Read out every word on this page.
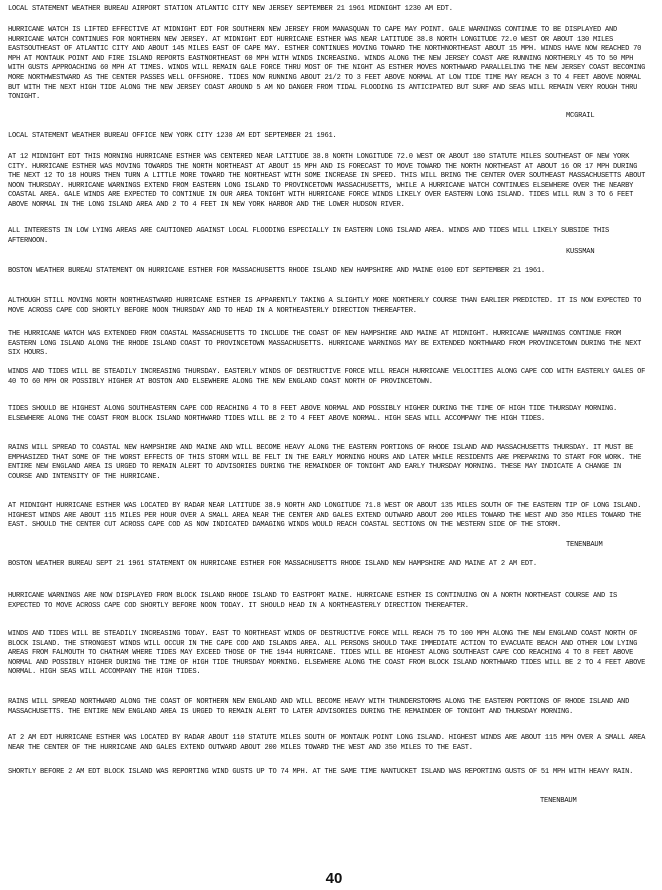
LOCAL STATEMENT WEATHER BUREAU AIRPORT STATION ATLANTIC CITY NEW JERSEY SEPTEMBER 21 1961 MIDNIGHT 1230 AM EDT.

HURRICANE WATCH IS LIFTED EFFECTIVE AT MIDNIGHT EDT FOR SOUTHERN NEW JERSEY FROM MANASQUAN TO CAPE MAY POINT. GALE WARNINGS CONTINUE TO BE DISPLAYED AND HURRICANE WATCH CONTINUES FOR NORTHERN NEW JERSEY. AT MIDNIGHT EDT HURRICANE ESTHER WAS NEAR LATITUDE 38.8 NORTH LONGITUDE 72.0 WEST OR ABOUT 130 MILES EASTSOUTHEAST OF ATLANTIC CITY AND ABOUT 145 MILES EAST OF CAPE MAY. ESTHER CONTINUES MOVING TOWARD THE NORTHNORTHEAST ABOUT 15 MPH. WINDS HAVE NOW REACHED 70 MPH AT MONTAUK POINT AND FIRE ISLAND REPORTS EASTNORTHEAST 60 MPH WITH WINDS INCREASING. WINDS ALONG THE NEW JERSEY COAST ARE RUNNING NORTHERLY 45 TO 50 MPH WITH GUSTS APPROACHING 60 MPH AT TIMES. WINDS WILL REMAIN GALE FORCE THRU MOST OF THE NIGHT AS ESTHER MOVES NORTHWARD PARALLELING THE NEW JERSEY COAST BECOMING MORE NORTHWESTWARD AS THE CENTER PASSES WELL OFFSHORE. TIDES NOW RUNNING ABOUT 21/2 TO 3 FEET ABOVE NORMAL AT LOW TIDE TIME MAY REACH 3 TO 4 FEET ABOVE NORMAL BUT WITH THE NEXT HIGH TIDE ALONG THE NEW JERSEY COAST AROUND 5 AM NO DANGER FROM TIDAL FLOODING IS ANTICIPATED BUT SURF AND SEAS WILL REMAIN VERY ROUGH THRU TONIGHT.

MCGRAIL

LOCAL STATEMENT WEATHER BUREAU OFFICE NEW YORK CITY 1230 AM EDT SEPTEMBER 21 1961.

AT 12 MIDNIGHT EDT THIS MORNING HURRICANE ESTHER WAS CENTERED NEAR LATITUDE 38.8 NORTH LONGITUDE 72.0 WEST OR ABOUT 180 STATUTE MILES SOUTHEAST OF NEW YORK CITY. HURRICANE ESTHER WAS MOVING TOWARDS THE NORTH NORTHEAST AT ABOUT 15 MPH AND IS FORECAST TO MOVE TOWARD THE NORTH NORTHEAST AT ABOUT 16 OR 17 MPH DURING THE NEXT 12 TO 18 HOURS THEN TURN A LITTLE MORE TOWARD THE NORTHEAST WITH SOME INCREASE IN SPEED. THIS WILL BRING THE CENTER OVER SOUTHEAST MASSACHUSETTS ABOUT NOON THURSDAY. HURRICANE WARNINGS EXTEND FROM EASTERN LONG ISLAND TO PROVINCETOWN MASSACHUSETTS, WHILE A HURRICANE WATCH CONTINUES ELSEWHERE OVER THE NEARBY COASTAL AREA. GALE WINDS ARE EXPECTED TO CONTINUE IN OUR AREA TONIGHT WITH HURRICANE FORCE WINDS LIKELY OVER EASTERN LONG ISLAND. TIDES WILL RUN 3 TO 6 FEET ABOVE NORMAL IN THE LONG ISLAND AREA AND 2 TO 4 FEET IN NEW YORK HARBOR AND THE LOWER HUDSON RIVER.

ALL INTERESTS IN LOW LYING AREAS ARE CAUTIONED AGAINST LOCAL FLOODING ESPECIALLY IN EASTERN LONG ISLAND AREA. WINDS AND TIDES WILL LIKELY SUBSIDE THIS AFTERNOON.

KUSSMAN

BOSTON WEATHER BUREAU STATEMENT ON HURRICANE ESTHER FOR MASSACHUSETTS RHODE ISLAND NEW HAMPSHIRE AND MAINE 0100 EDT SEPTEMBER 21 1961.

ALTHOUGH STILL MOVING NORTH NORTHEASTWARD HURRICANE ESTHER IS APPARENTLY TAKING A SLIGHTLY MORE NORTHERLY COURSE THAN EARLIER PREDICTED. IT IS NOW EXPECTED TO MOVE ACROSS CAPE COD SHORTLY BEFORE NOON THURSDAY AND TO HEAD IN A NORTHEASTERLY DIRECTION THEREAFTER.

THE HURRICANE WATCH WAS EXTENDED FROM COASTAL MASSACHUSETTS TO INCLUDE THE COAST OF NEW HAMPSHIRE AND MAINE AT MIDNIGHT. HURRICANE WARNINGS CONTINUE FROM EASTERN LONG ISLAND ALONG THE RHODE ISLAND COAST TO PROVINCETOWN MASSACHUSETTS. HURRICANE WARNINGS MAY BE EXTENDED NORTHWARD FROM PROVINCETOWN DURING THE NEXT SIX HOURS.

WINDS AND TIDES WILL BE STEADILY INCREASING THURSDAY. EASTERLY WINDS OF DESTRUCTIVE FORCE WILL REACH HURRICANE VELOCITIES ALONG CAPE COD WITH EASTERLY GALES OF 40 TO 60 MPH OR POSSIBLY HIGHER AT BOSTON AND ELSEWHERE ALONG THE NEW ENGLAND COAST NORTH OF PROVINCETOWN.

TIDES SHOULD BE HIGHEST ALONG SOUTHEASTERN CAPE COD REACHING 4 TO 8 FEET ABOVE NORMAL AND POSSIBLY HIGHER DURING THE TIME OF HIGH TIDE THURSDAY MORNING. ELSEWHERE ALONG THE COAST FROM BLOCK ISLAND NORTHWARD TIDES WILL BE 2 TO 4 FEET ABOVE NORMAL. HIGH SEAS WILL ACCOMPANY THE HIGH TIDES.

RAINS WILL SPREAD TO COASTAL NEW HAMPSHIRE AND MAINE AND WILL BECOME HEAVY ALONG THE EASTERN PORTIONS OF RHODE ISLAND AND MASSACHUSETTS THURSDAY. IT MUST BE EMPHASIZED THAT SOME OF THE WORST EFFECTS OF THIS STORM WILL BE FELT IN THE EARLY MORNING HOURS AND LATER WHILE RESIDENTS ARE PREPARING TO START FOR WORK. THE ENTIRE NEW ENGLAND AREA IS URGED TO REMAIN ALERT TO ADVISORIES DURING THE REMAINDER OF TONIGHT AND EARLY THURSDAY MORNING. THESE MAY INDICATE A CHANGE IN COURSE AND INTENSITY OF THE HURRICANE.

AT MIDNIGHT HURRICANE ESTHER WAS LOCATED BY RADAR NEAR LATITUDE 38.9 NORTH AND LONGITUDE 71.8 WEST OR ABOUT 135 MILES SOUTH OF THE EASTERN TIP OF LONG ISLAND. HIGHEST WINDS ARE ABOUT 115 MILES PER HOUR OVER A SMALL AREA NEAR THE CENTER AND GALES EXTEND OUTWARD ABOUT 200 MILES TOWARD THE WEST AND 350 MILES TOWARD THE EAST. SHOULD THE CENTER CUT ACROSS CAPE COD AS NOW INDICATED DAMAGING WINDS WOULD REACH COASTAL SECTIONS ON THE WESTERN SIDE OF THE STORM.

TENENBAUM

BOSTON WEATHER BUREAU SEPT 21 1961 STATEMENT ON HURRICANE ESTHER FOR MASSACHUSETTS RHODE ISLAND NEW HAMPSHIRE AND MAINE AT 2 AM EDT.

HURRICANE WARNINGS ARE NOW DISPLAYED FROM BLOCK ISLAND RHODE ISLAND TO EASTPORT MAINE. HURRICANE ESTHER IS CONTINUING ON A NORTH NORTHEAST COURSE AND IS EXPECTED TO MOVE ACROSS CAPE COD SHORTLY BEFORE NOON TODAY. IT SHOULD HEAD IN A NORTHEASTERLY DIRECTION THEREAFTER.

WINDS AND TIDES WILL BE STEADILY INCREASING TODAY. EAST TO NORTHEAST WINDS OF DESTRUCTIVE FORCE WILL REACH 75 TO 100 MPH ALONG THE NEW ENGLAND COAST NORTH OF BLOCK ISLAND. THE STRONGEST WINDS WILL OCCUR IN THE CAPE COD AND ISLANDS AREA. ALL PERSONS SHOULD TAKE IMMEDIATE ACTION TO EVACUATE BEACH AND OTHER LOW LYING AREAS FROM FALMOUTH TO CHATHAM WHERE TIDES MAY EXCEED THOSE OF THE 1944 HURRICANE. TIDES WILL BE HIGHEST ALONG SOUTHEAST CAPE COD REACHING 4 TO 8 FEET ABOVE NORMAL AND POSSIBLY HIGHER DURING THE TIME OF HIGH TIDE THURSDAY MORNING. ELSEWHERE ALONG THE COAST FROM BLOCK ISLAND NORTHWARD TIDES WILL BE 2 TO 4 FEET ABOVE NORMAL. HIGH SEAS WILL ACCOMPANY THE HIGH TIDES.

RAINS WILL SPREAD NORTHWARD ALONG THE COAST OF NORTHERN NEW ENGLAND AND WILL BECOME HEAVY WITH THUNDERSTORMS ALONG THE EASTERN PORTIONS OF RHODE ISLAND AND MASSACHUSETTS. THE ENTIRE NEW ENGLAND AREA IS URGED TO REMAIN ALERT TO LATER ADVISORIES DURING THE REMAINDER OF TONIGHT AND THURSDAY MORNING.

AT 2 AM EDT HURRICANE ESTHER WAS LOCATED BY RADAR ABOUT 110 STATUTE MILES SOUTH OF MONTAUK POINT LONG ISLAND. HIGHEST WINDS ARE ABOUT 115 MPH OVER A SMALL AREA NEAR THE CENTER OF THE HURRICANE AND GALES EXTEND OUTWARD ABOUT 200 MILES TOWARD THE WEST AND 350 MILES TO THE EAST.

SHORTLY BEFORE 2 AM EDT BLOCK ISLAND WAS REPORTING WIND GUSTS UP TO 74 MPH. AT THE SAME TIME NANTUCKET ISLAND WAS REPORTING GUSTS OF 51 MPH WITH HEAVY RAIN.

TENENBAUM
40
